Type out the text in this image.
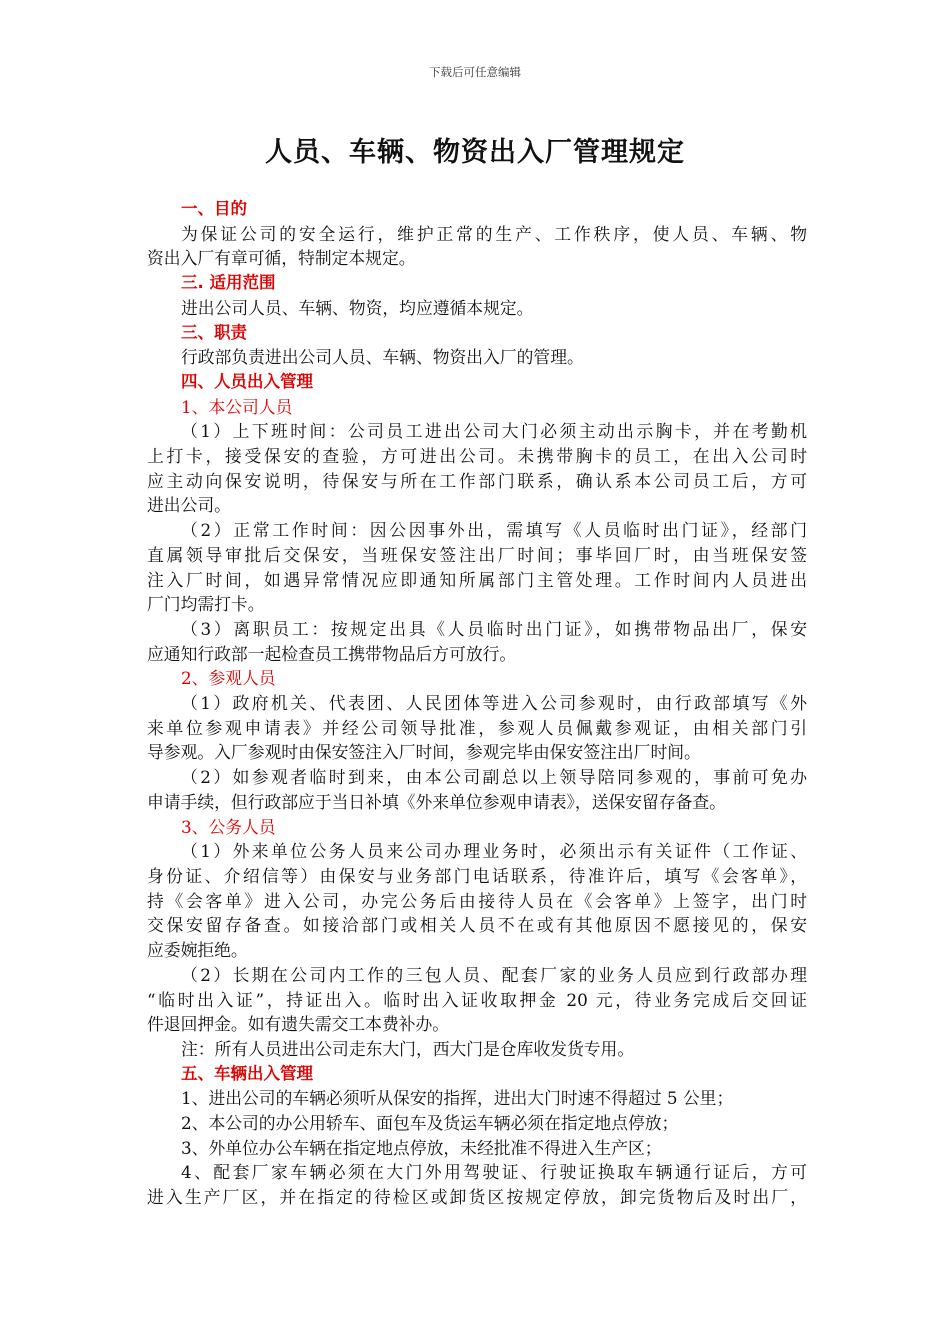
下载后可任意编辑
人员、车辆、物资出入厂管理规定

一、目的

为保证公司的安全运行，维护正常的生产、工作秩序，使人员、车辆、物

资出入厂有章可循，特制定本规定。

三. 适用范围

进出公司人员、车辆、物资，均应遵循本规定。

三、职责

行政部负责进出公司人员、车辆、物资出入厂的管理。

四、人员出入管理

1、本公司人员

（1）上下班时间：公司员工进出公司大门必须主动出示胸卡，并在考勤机

上打卡，接受保安的查验，方可进出公司。未携带胸卡的员工，在出入公司时

应主动向保安说明，待保安与所在工作部门联系，确认系本公司员工后，方可

进出公司。

（2）正常工作时间：因公因事外出，需填写《人员临时出门证》，经部门

直属领导审批后交保安，当班保安签注出厂时间；事毕回厂时，由当班保安签

注入厂时间，如遇异常情况应即通知所属部门主管处理。工作时间内人员进出

厂门均需打卡。

（3）离职员工：按规定出具《人员临时出门证》，如携带物品出厂，保安

应通知行政部一起检查员工携带物品后方可放行。

2、参观人员

（1）政府机关、代表团、人民团体等进入公司参观时，由行政部填写《外

来单位参观申请表》并经公司领导批准，参观人员佩戴参观证，由相关部门引

导参观。入厂参观时由保安签注入厂时间，参观完毕由保安签注出厂时间。

（2）如参观者临时到来，由本公司副总以上领导陪同参观的，事前可免办

申请手续，但行政部应于当日补填《外来单位参观申请表》，送保安留存备查。

3、公务人员

（1）外来单位公务人员来公司办理业务时，必须出示有关证件（工作证、

身份证、介绍信等）由保安与业务部门电话联系，待准许后，填写《会客单》，

持《会客单》进入公司，办完公务后由接待人员在《会客单》上签字，出门时

交保安留存备查。如接洽部门或相关人员不在或有其他原因不愿接见的，保安

应委婉拒绝。

（2）长期在公司内工作的三包人员、配套厂家的业务人员应到行政部办理

“临时出入证”，持证出入。临时出入证收取押金 20 元，待业务完成后交回证

件退回押金。如有遗失需交工本费补办。

注：所有人员进出公司走东大门，西大门是仓库收发货专用。

五、车辆出入管理

1、进出公司的车辆必须听从保安的指挥，进出大门时速不得超过 5 公里；

2、本公司的办公用轿车、面包车及货运车辆必须在指定地点停放；

3、外单位办公车辆在指定地点停放，未经批准不得进入生产区；

4、配套厂家车辆必须在大门外用驾驶证、行驶证换取车辆通行证后，方可

进入生产厂区，并在指定的待检区或卸货区按规定停放，卸完货物后及时出厂，
